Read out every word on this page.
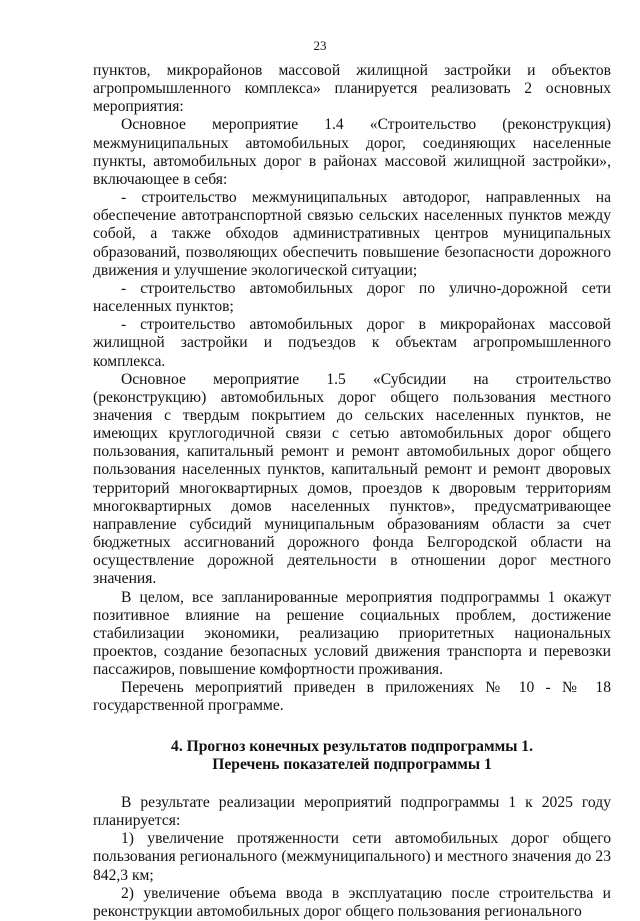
23

пунктов, микрорайонов массовой жилищной застройки и объектов агропромышленного комплекса» планируется реализовать 2 основных мероприятия:

Основное мероприятие 1.4 «Строительство (реконструкция) межмуниципальных автомобильных дорог, соединяющих населенные пункты, автомобильных дорог в районах массовой жилищной застройки», включающее в себя:

- строительство межмуниципальных автодорог, направленных на обеспечение автотранспортной связью сельских населенных пунктов между собой, а также обходов административных центров муниципальных образований, позволяющих обеспечить повышение безопасности дорожного движения и улучшение экологической ситуации;

- строительство автомобильных дорог по улично-дорожной сети населенных пунктов;

- строительство автомобильных дорог в микрорайонах массовой жилищной застройки и подъездов к объектам агропромышленного комплекса.

Основное мероприятие 1.5 «Субсидии на строительство (реконструкцию) автомобильных дорог общего пользования местного значения с твердым покрытием до сельских населенных пунктов, не имеющих круглогодичной связи с сетью автомобильных дорог общего пользования, капитальный ремонт и ремонт автомобильных дорог общего пользования населенных пунктов, капитальный ремонт и ремонт дворовых территорий многоквартирных домов, проездов к дворовым территориям многоквартирных домов населенных пунктов», предусматривающее направление субсидий муниципальным образованиям области за счет бюджетных ассигнований дорожного фонда Белгородской области на осуществление дорожной деятельности в отношении дорог местного значения.

В целом, все запланированные мероприятия подпрограммы 1 окажут позитивное влияние на решение социальных проблем, достижение стабилизации экономики, реализацию приоритетных национальных проектов, создание безопасных условий движения транспорта и перевозки пассажиров, повышение комфортности проживания.

Перечень мероприятий приведен в приложениях № 10 - № 18 государственной программе.

4. Прогноз конечных результатов подпрограммы 1.

Перечень показателей подпрограммы 1

В результате реализации мероприятий подпрограммы 1 к 2025 году планируется:

1) увеличение протяженности сети автомобильных дорог общего пользования регионального (межмуниципального) и местного значения до 23 842,3 км;

2) увеличение объема ввода в эксплуатацию после строительства и реконструкции автомобильных дорог общего пользования регионального
